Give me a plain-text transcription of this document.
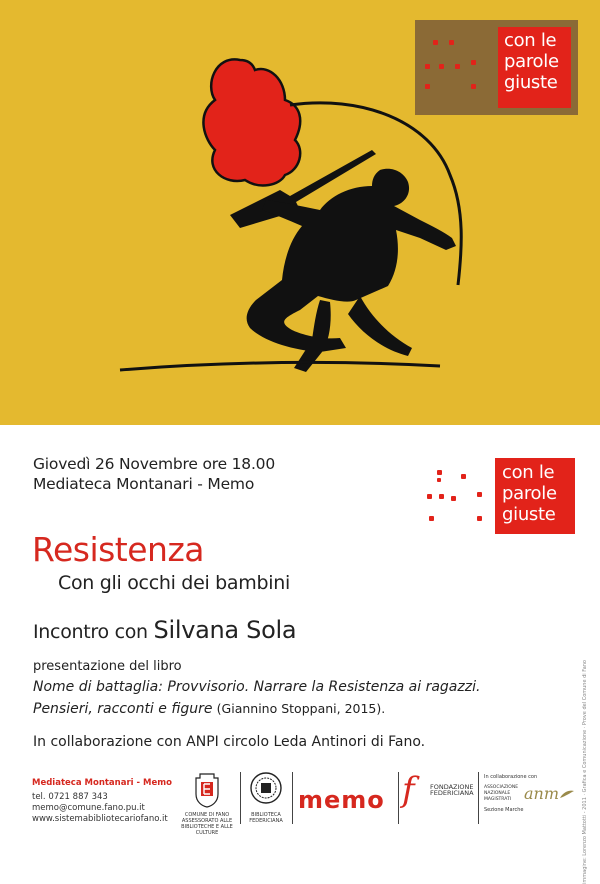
con le
parole
giuste
Giovedì 26 Novembre ore 18.00
Mediateca Montanari - Memo
con le
parole
giuste
Resistenza
Con gli occhi dei bambini
Incontro con Silvana Sola
presentazione del libro
Nome di battaglia: Provvisorio. Narrare la Resistenza ai ragazzi.
Pensieri, racconti e figure (Giannino Stoppani, 2015).
In collaborazione con ANPI circolo Leda Antinori di Fano.	immagine: Lorenzo Mattotti - 2011 · Grafica e Comunicazione · Prove del Comune di Fano
Mediateca Montanari - Memo
tel. 0721 887 343
memo@comune.fano.pu.it
www.sistemabibliotecariofano.it	COMUNE DI FANO
ASSESSORATO ALLE BIBLIOTECHE E ALLE CULTURE
BIBLIOTECA FEDERICIANA
memo f	FONDAZIONE
FEDERICIANA
In collaborazione con
ASSOCIAZIONE NAZIONALE MAGISTRATI anm
Sezione Marche
